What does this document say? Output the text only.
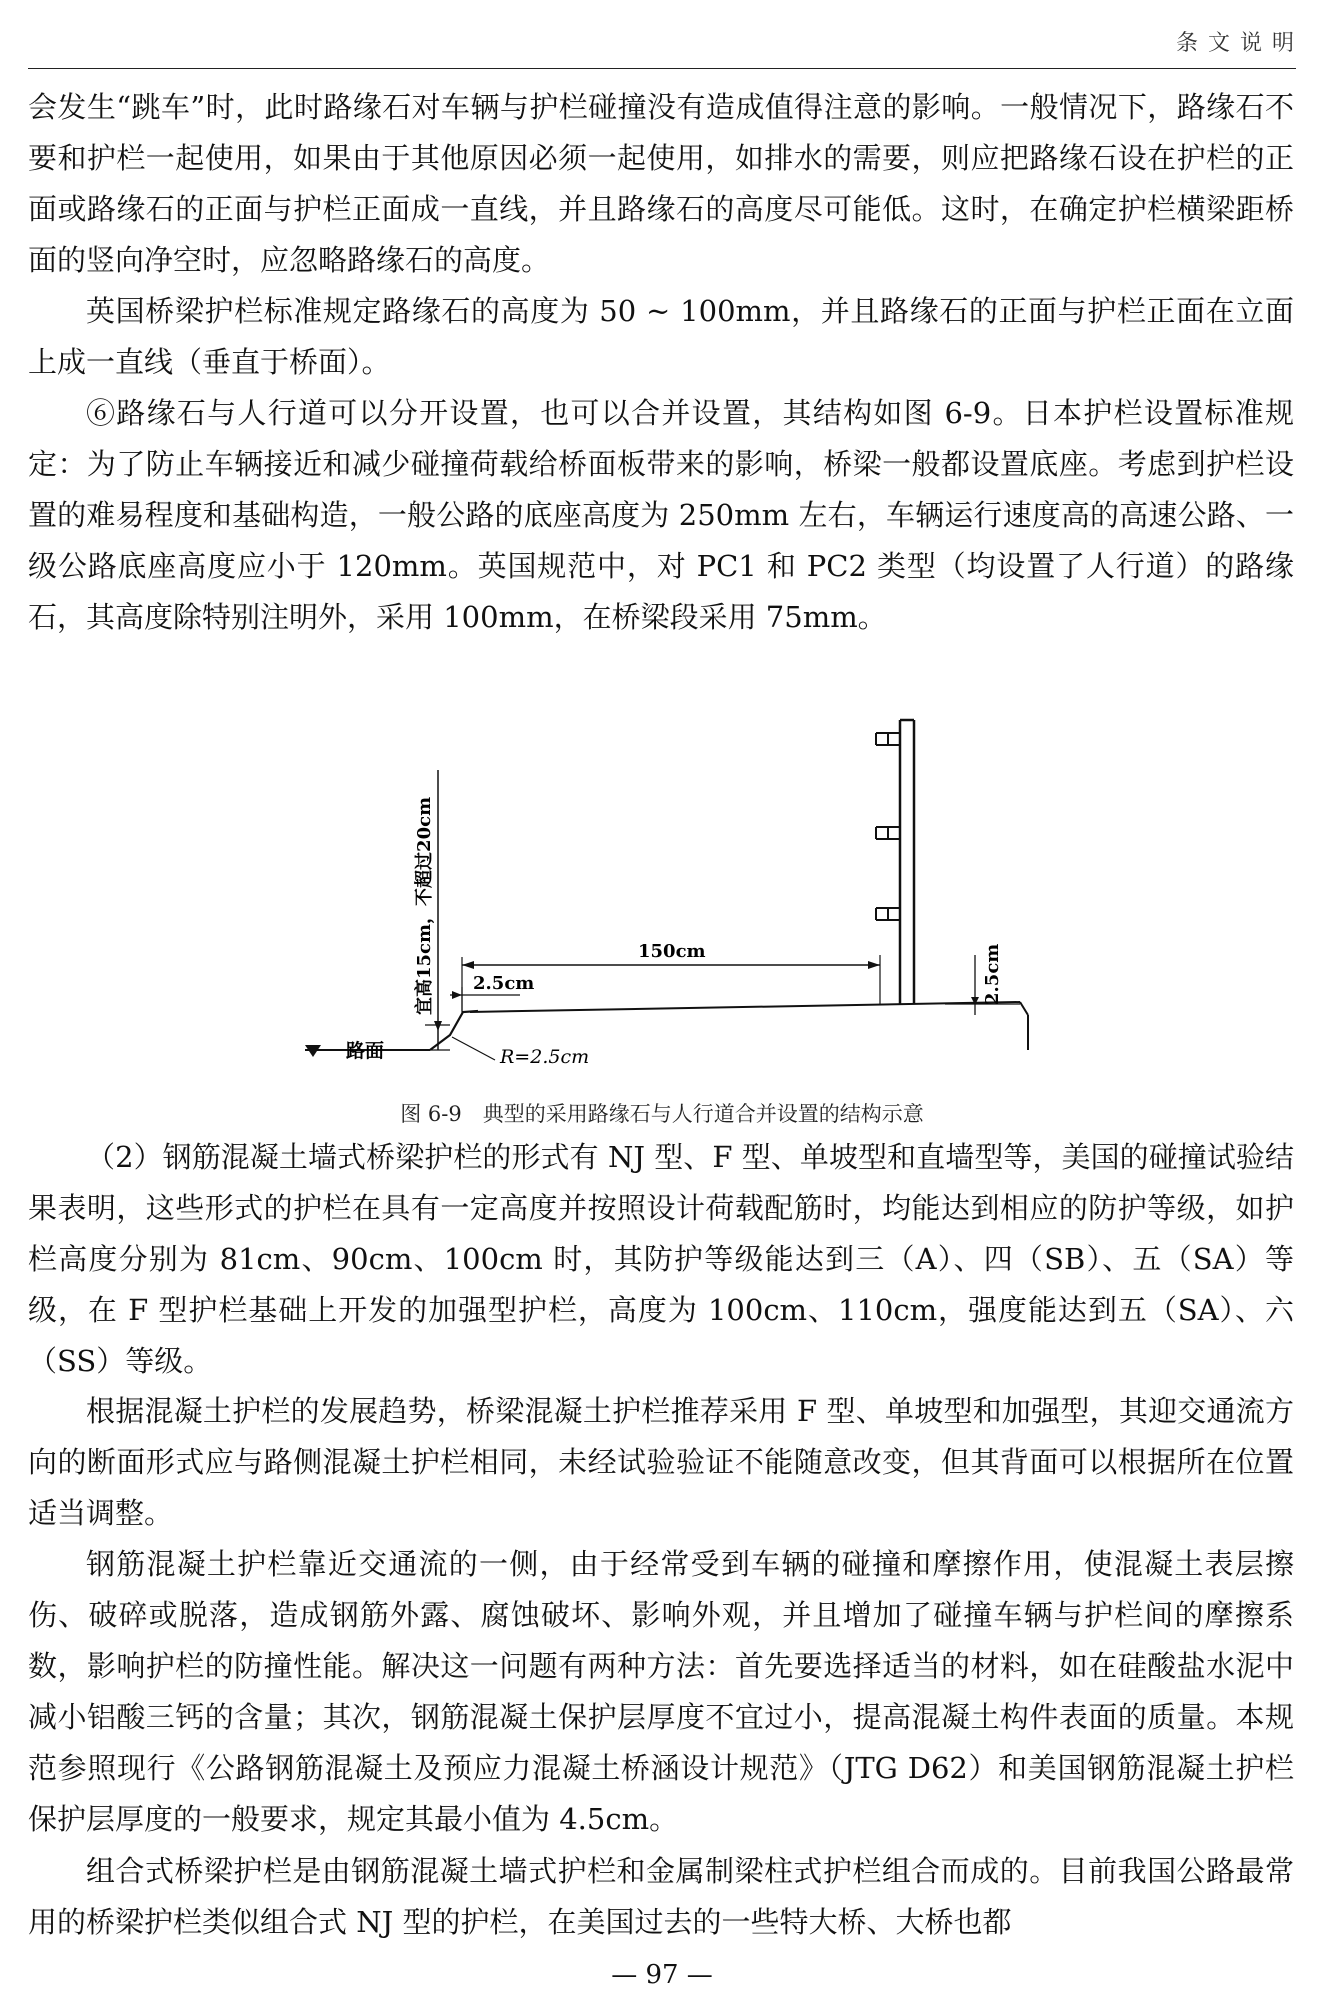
条文说明

会发生“跳车”时，此时路缘石对车辆与护栏碰撞没有造成值得注意的影响。一般情况下，路缘石不要和护栏一起使用，如果由于其他原因必须一起使用，如排水的需要，则应把路缘石设在护栏的正面或路缘石的正面与护栏正面成一直线，并且路缘石的高度尽可能低。这时，在确定护栏横梁距桥面的竖向净空时，应忽略路缘石的高度。

英国桥梁护栏标准规定路缘石的高度为 50 ~ 100mm，并且路缘石的正面与护栏正面在立面上成一直线（垂直于桥面）。

⑥路缘石与人行道可以分开设置，也可以合并设置，其结构如图 6-9。日本护栏设置标准规定：为了防止车辆接近和减少碰撞荷载给桥面板带来的影响，桥梁一般都设置底座。考虑到护栏设置的难易程度和基础构造，一般公路的底座高度为 250mm 左右，车辆运行速度高的高速公路、一级公路底座高度应小于 120mm。英国规范中，对 PC1 和 PC2 类型（均设置了人行道）的路缘石，其高度除特别注明外，采用 100mm，在桥梁段采用 75mm。

宜高15cm，不超过20cm	150cm
2.5cm	2.5cm
R=2.5cm
路面
图 6-9　典型的采用路缘石与人行道合并设置的结构示意

（2）钢筋混凝土墙式桥梁护栏的形式有 NJ 型、F 型、单坡型和直墙型等，美国的碰撞试验结果表明，这些形式的护栏在具有一定高度并按照设计荷载配筋时，均能达到相应的防护等级，如护栏高度分别为 81cm、90cm、100cm 时，其防护等级能达到三（A）、四（SB）、五（SA）等级，在 F 型护栏基础上开发的加强型护栏，高度为 100cm、110cm，强度能达到五（SA）、六（SS）等级。

根据混凝土护栏的发展趋势，桥梁混凝土护栏推荐采用 F 型、单坡型和加强型，其迎交通流方向的断面形式应与路侧混凝土护栏相同，未经试验验证不能随意改变，但其背面可以根据所在位置适当调整。

钢筋混凝土护栏靠近交通流的一侧，由于经常受到车辆的碰撞和摩擦作用，使混凝土表层擦伤、破碎或脱落，造成钢筋外露、腐蚀破坏、影响外观，并且增加了碰撞车辆与护栏间的摩擦系数，影响护栏的防撞性能。解决这一问题有两种方法：首先要选择适当的材料，如在硅酸盐水泥中减小铝酸三钙的含量；其次，钢筋混凝土保护层厚度不宜过小，提高混凝土构件表面的质量。本规范参照现行《公路钢筋混凝土及预应力混凝土桥涵设计规范》（JTG D62）和美国钢筋混凝土护栏保护层厚度的一般要求，规定其最小值为 4.5cm。

组合式桥梁护栏是由钢筋混凝土墙式护栏和金属制梁柱式护栏组合而成的。目前我国公路最常用的桥梁护栏类似组合式 NJ 型的护栏，在美国过去的一些特大桥、大桥也都

— 97 —
